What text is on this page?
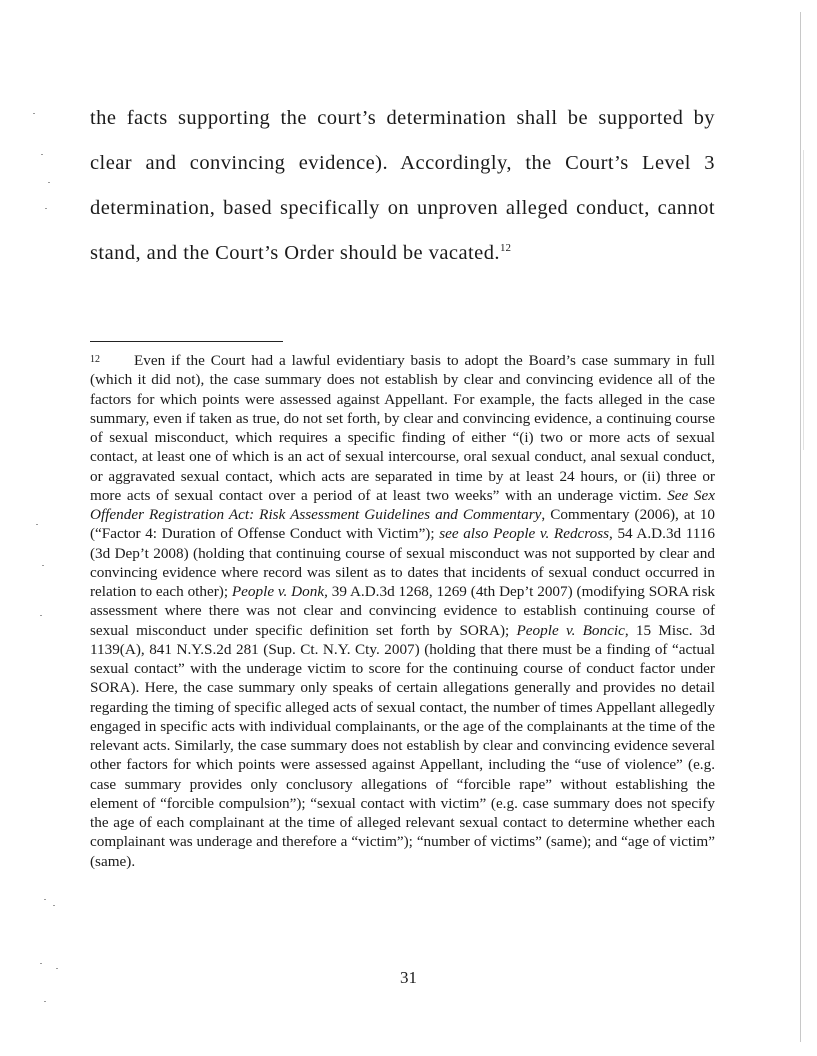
the facts supporting the court’s determination shall be supported by
clear and convincing evidence). Accordingly, the Court’s Level 3
determination, based specifically on unproven alleged conduct, cannot
stand, and the Court’s Order should be vacated.$^{12}$
12 Even if the Court had a lawful evidentiary basis to adopt the Board’s case summary in full (which it did not), the case summary does not establish by clear and convincing evidence all of the factors for which points were assessed against Appellant. For example, the facts alleged in the case summary, even if taken as true, do not set forth, by clear and convincing evidence, a continuing course of sexual misconduct, which requires a specific finding of either “(i) two or more acts of sexual contact, at least one of which is an act of sexual intercourse, oral sexual conduct, anal sexual conduct, or aggravated sexual contact, which acts are separated in time by at least 24 hours, or (ii) three or more acts of sexual contact over a period of at least two weeks” with an underage victim. See Sex Offender Registration Act: Risk Assessment Guidelines and Commentary, Commentary (2006), at 10 (“Factor 4: Duration of Offense Conduct with Victim”); see also People v. Redcross, 54 A.D.3d 1116 (3d Dep’t 2008) (holding that continuing course of sexual misconduct was not supported by clear and convincing evidence where record was silent as to dates that incidents of sexual conduct occurred in relation to each other); People v. Donk, 39 A.D.3d 1268, 1269 (4th Dep’t 2007) (modifying SORA risk assessment where there was not clear and convincing evidence to establish continuing course of sexual misconduct under specific definition set forth by SORA); People v. Boncic, 15 Misc. 3d 1139(A), 841 N.Y.S.2d 281 (Sup. Ct. N.Y. Cty. 2007) (holding that there must be a finding of “actual sexual contact” with the underage victim to score for the continuing course of conduct factor under SORA). Here, the case summary only speaks of certain allegations generally and provides no detail regarding the timing of specific alleged acts of sexual contact, the number of times Appellant allegedly engaged in specific acts with individual complainants, or the age of the complainants at the time of the relevant acts. Similarly, the case summary does not establish by clear and convincing evidence several other factors for which points were assessed against Appellant, including the “use of violence” (e.g. case summary provides only conclusory allegations of “forcible rape” without establishing the element of “forcible compulsion”); “sexual contact with victim” (e.g. case summary does not specify the age of each complainant at the time of alleged relevant sexual contact to determine whether each complainant was underage and therefore a “victim”); “number of victims” (same); and “age of victim” (same).
31
